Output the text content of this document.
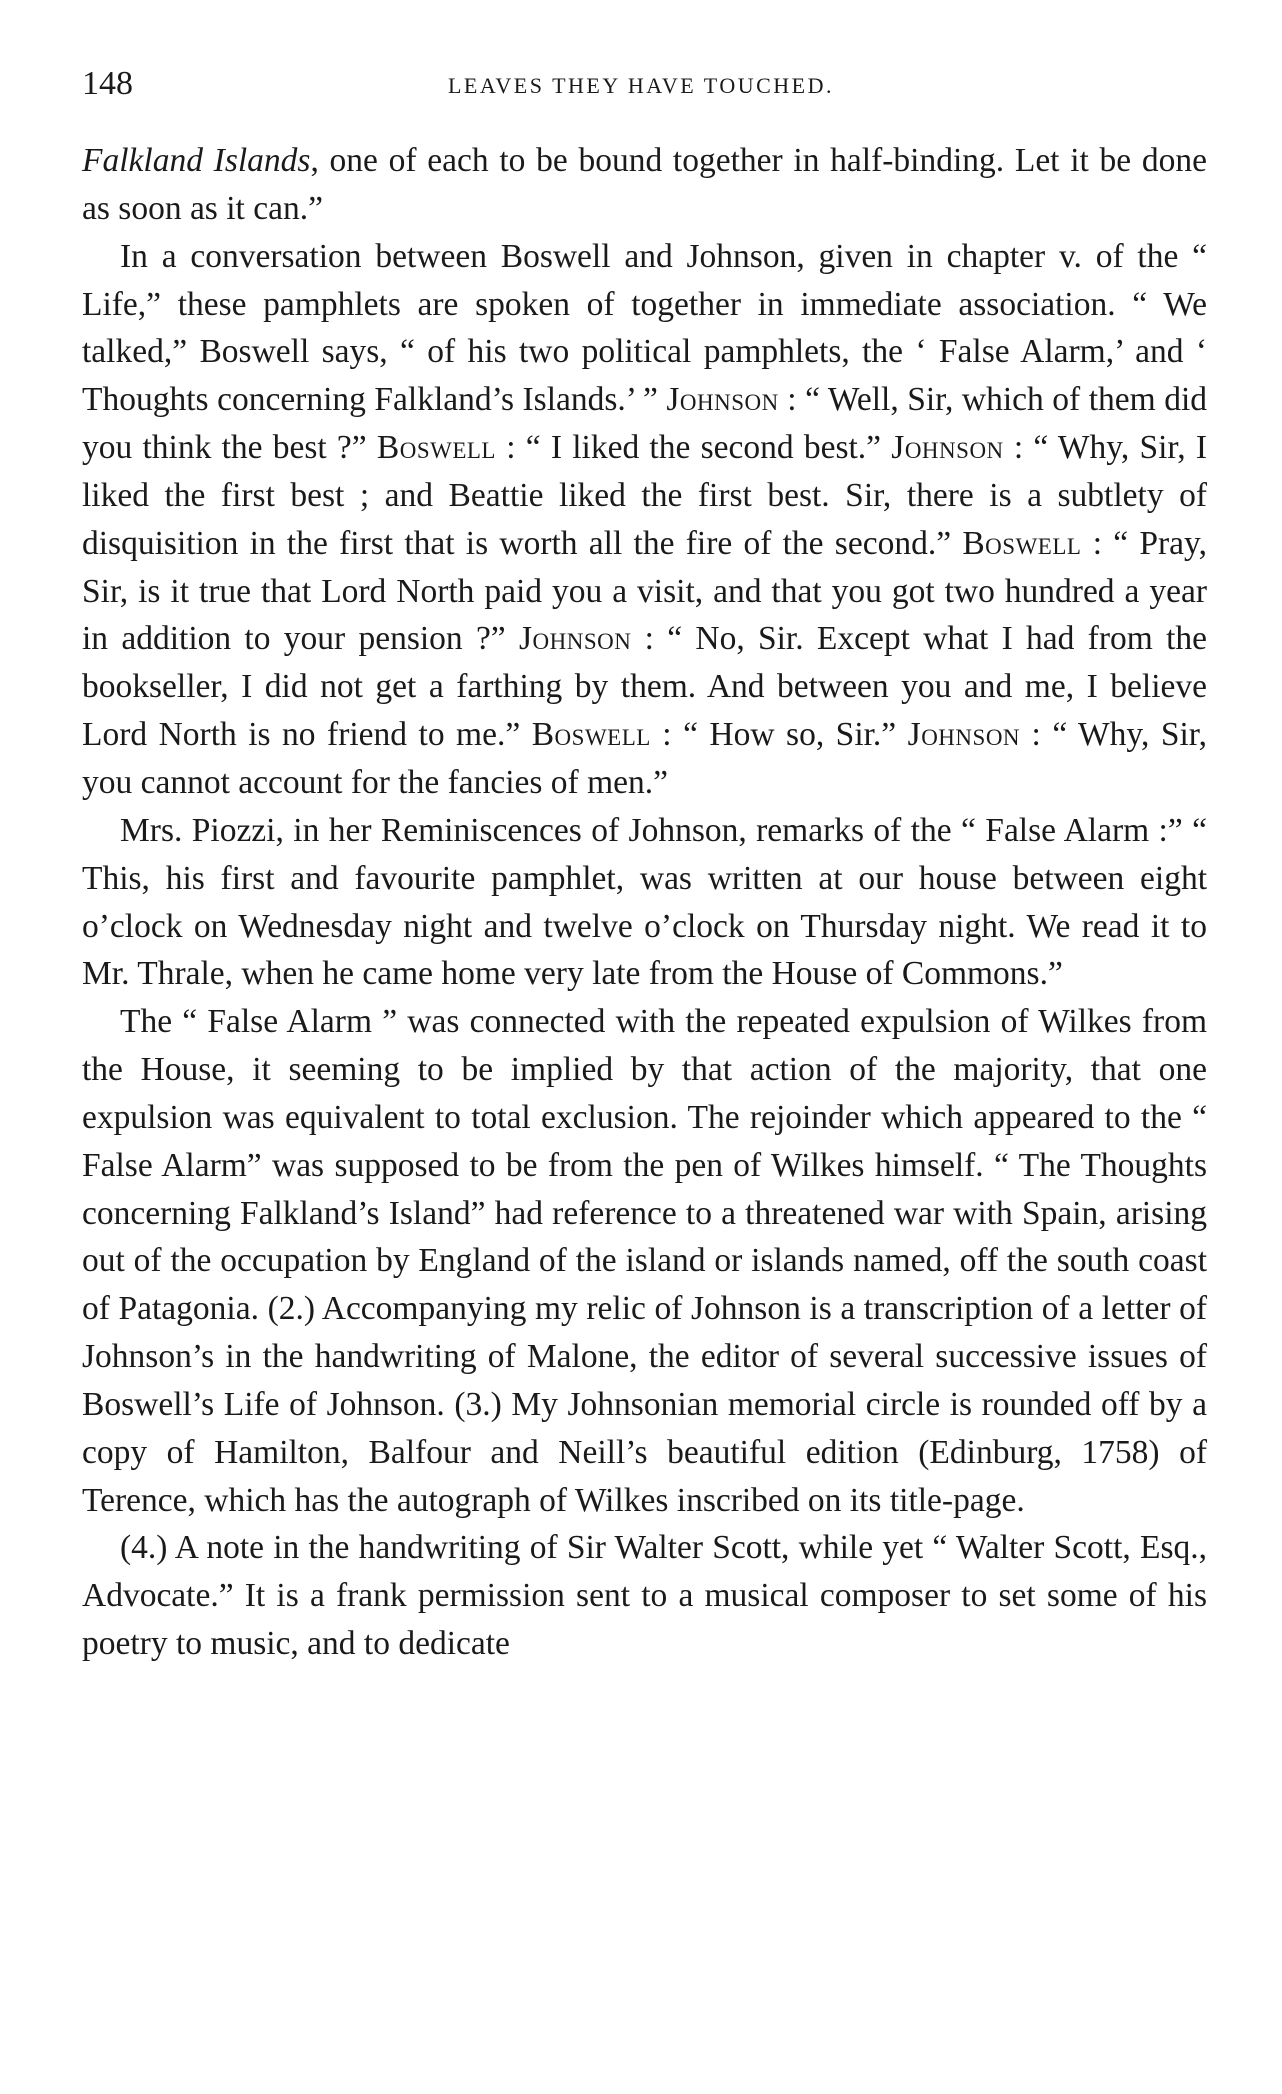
148	LEAVES THEY HAVE TOUCHED.

Falkland Islands, one of each to be bound together in half-binding. Let it be done as soon as it can.”

In a conversation between Boswell and Johnson, given in chapter v. of the “ Life,” these pamphlets are spoken of together in immediate association. “ We talked,” Boswell says, “ of his two political pamphlets, the ‘ False Alarm,’ and ‘ Thoughts concerning Falkland’s Islands.’ ” Johnson : “ Well, Sir, which of them did you think the best ?” Boswell : “ I liked the second best.” Johnson : “ Why, Sir, I liked the first best ; and Beattie liked the first best. Sir, there is a subtlety of disquisition in the first that is worth all the fire of the second.” Boswell : “ Pray, Sir, is it true that Lord North paid you a visit, and that you got two hundred a year in addition to your pension ?” Johnson : “ No, Sir. Except what I had from the bookseller, I did not get a farthing by them. And between you and me, I believe Lord North is no friend to me.” Boswell : “ How so, Sir.” Johnson : “ Why, Sir, you cannot account for the fancies of men.”

Mrs. Piozzi, in her Reminiscences of Johnson, remarks of the “ False Alarm :” “ This, his first and favourite pamphlet, was written at our house between eight o’clock on Wednesday night and twelve o’clock on Thursday night. We read it to Mr. Thrale, when he came home very late from the House of Commons.”

The “ False Alarm ” was connected with the repeated expulsion of Wilkes from the House, it seeming to be implied by that action of the majority, that one expulsion was equivalent to total exclusion. The rejoinder which appeared to the “ False Alarm” was supposed to be from the pen of Wilkes himself. “ The Thoughts concerning Falkland’s Island” had reference to a threatened war with Spain, arising out of the occupation by England of the island or islands named, off the south coast of Patagonia. (2.) Accompanying my relic of Johnson is a transcription of a letter of Johnson’s in the handwriting of Malone, the editor of several successive issues of Boswell’s Life of Johnson. (3.) My Johnsonian memorial circle is rounded off by a copy of Hamilton, Balfour and Neill’s beautiful edition (Edinburg, 1758) of Terence, which has the autograph of Wilkes inscribed on its title-page.

(4.) A note in the handwriting of Sir Walter Scott, while yet “ Walter Scott, Esq., Advocate.” It is a frank permission sent to a musical composer to set some of his poetry to music, and to dedicate
